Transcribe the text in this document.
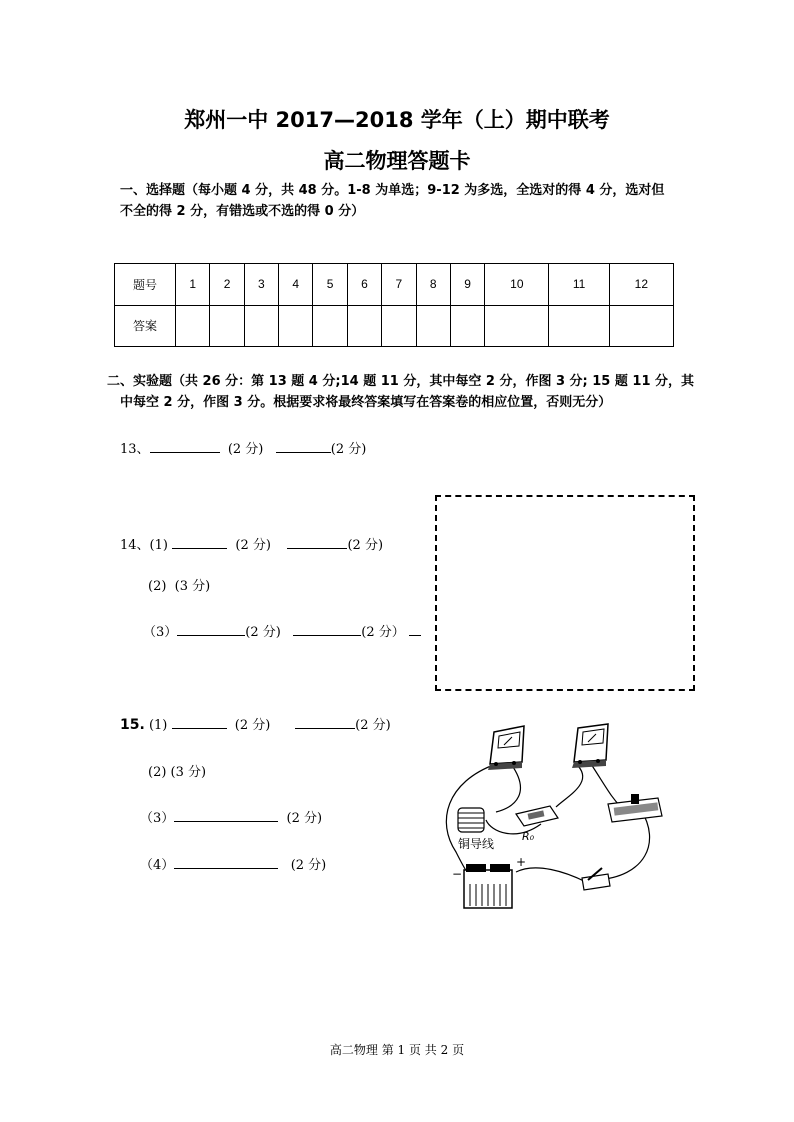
郑州一中 2017—2018 学年（上）期中联考
高二物理答题卡
一、选择题（每小题 4 分，共 48 分。1-8 为单选；9-12 为多选，全选对的得 4 分，选对但
不全的得 2 分，有错选或不选的得 0 分）
题号	1	2	3	4	5	6	7	8	9	10	11	12
答案												
二、实验题（共 26 分：第 13 题 4 分;14 题 11 分，其中每空 2 分，作图 3 分; 15 题 11 分，其
中每空 2 分，作图 3 分。根据要求将最终答案填写在答案卷的相应位置，否则无分）
13、	(2 分)	(2 分)
14、(1)	(2 分)	(2 分)
(2)  (3 分)
（3）	(2 分)	(2 分）
15. (1)	(2 分)	(2 分)
(2) (3 分)
（3）	(2 分)
（4）	(2 分)
铜导线
R₀
+
−
高二物理 第 1 页 共 2 页
